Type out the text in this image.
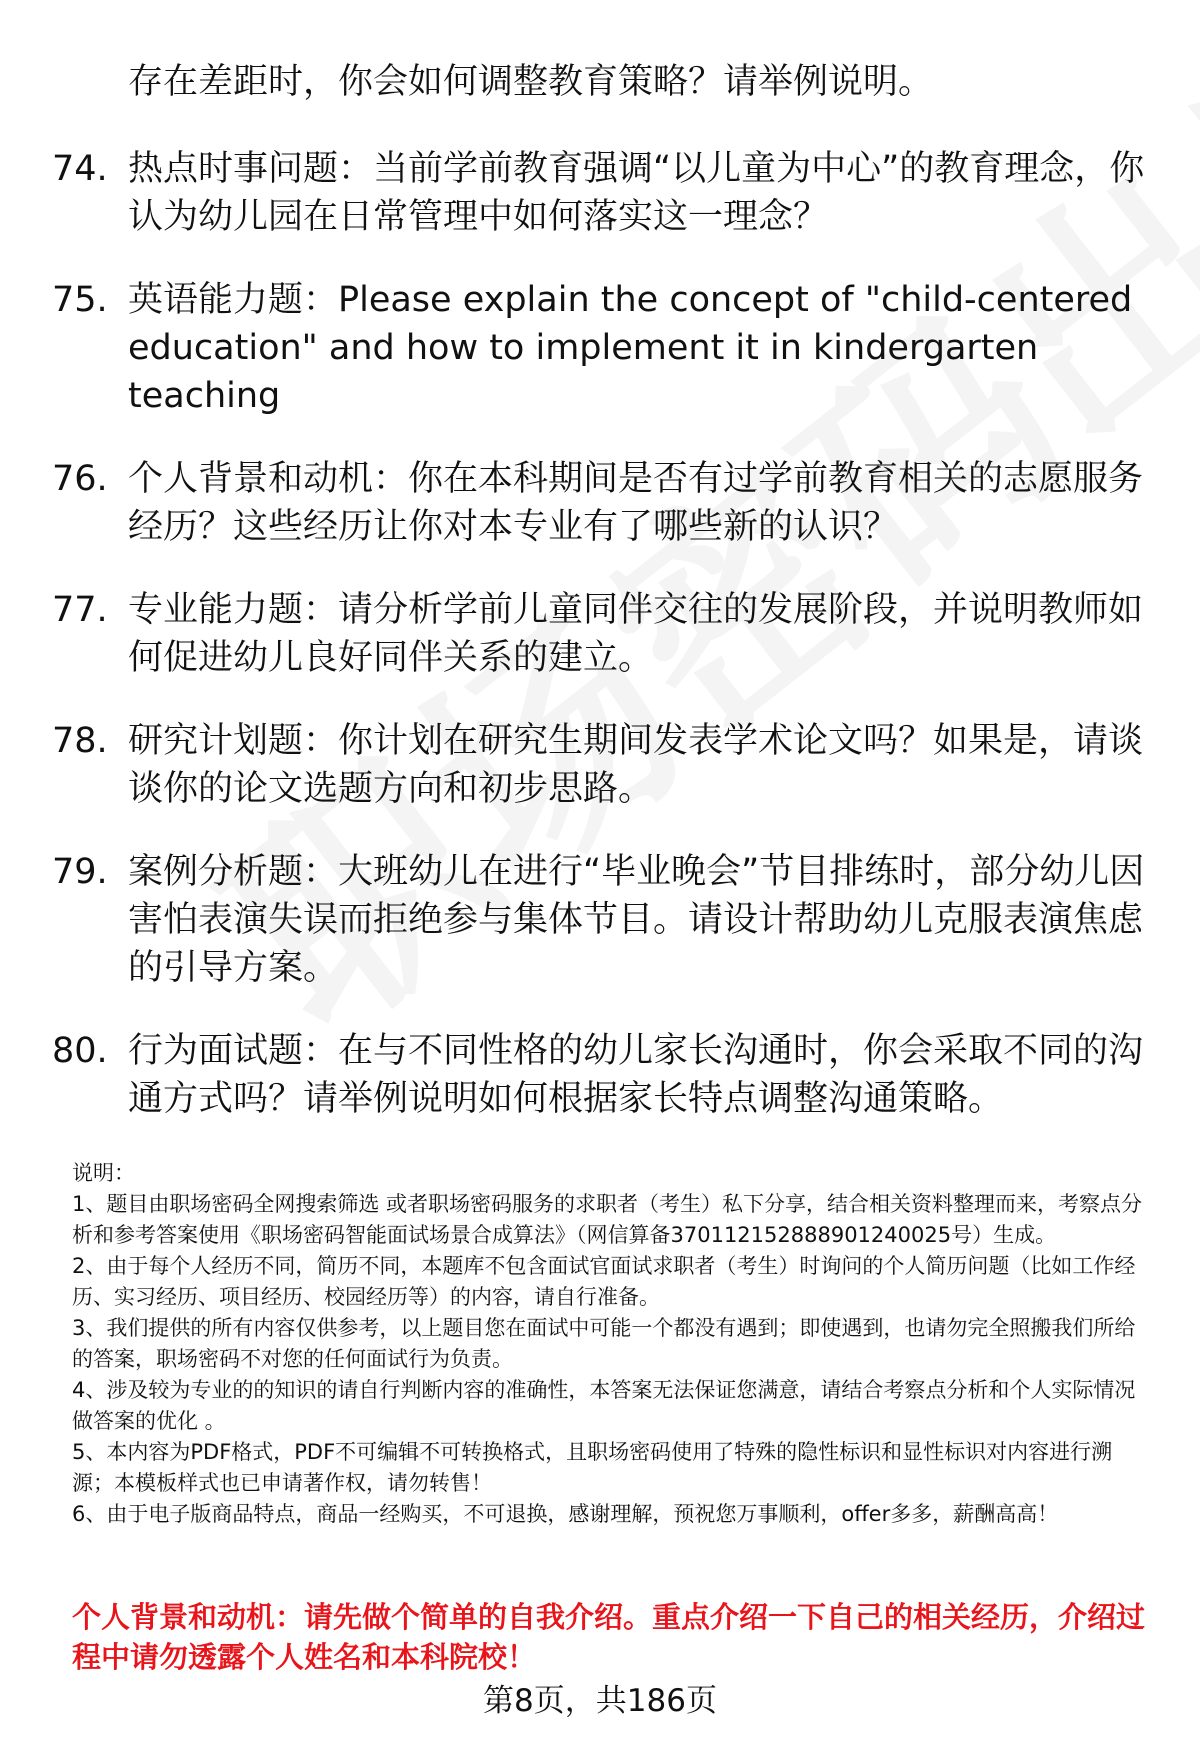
存在差距时，你会如何调整教育策略？请举例说明。
74. 热点时事问题：当前学前教育强调“以儿童为中心”的教育理念，你认为幼儿园在日常管理中如何落实这一理念？
75. 英语能力题：Please explain the concept of "child-centered education" and how to implement it in kindergarten teaching
76. 个人背景和动机：你在本科期间是否有过学前教育相关的志愿服务经历？这些经历让你对本专业有了哪些新的认识？
77. 专业能力题：请分析学前儿童同伴交往的发展阶段，并说明教师如何促进幼儿良好同伴关系的建立。
78. 研究计划题：你计划在研究生期间发表学术论文吗？如果是，请谈谈你的论文选题方向和初步思路。
79. 案例分析题：大班幼儿在进行“毕业晚会”节目排练时，部分幼儿因害怕表演失误而拒绝参与集体节目。请设计帮助幼儿克服表演焦虑的引导方案。
80. 行为面试题：在与不同性格的幼儿家长沟通时，你会采取不同的沟通方式吗？请举例说明如何根据家长特点调整沟通策略。

说明：

1、题目由职场密码全网搜索筛选 或者职场密码服务的求职者（考生）私下分享，结合相关资料整理而来，考察点分析和参考答案使用《职场密码智能面试场景合成算法》（网信算备370112152888901240025号）生成。

2、由于每个人经历不同，简历不同，本题库不包含面试官面试求职者（考生）时询问的个人简历问题（比如工作经历、实习经历、项目经历、校园经历等）的内容，请自行准备。

3、我们提供的所有内容仅供参考，以上题目您在面试中可能一个都没有遇到；即使遇到，也请勿完全照搬我们所给的答案，职场密码不对您的任何面试行为负责。

4、涉及较为专业的的知识的请自行判断内容的准确性，本答案无法保证您满意，请结合考察点分析和个人实际情况做答案的优化 。

5、本内容为PDF格式，PDF不可编辑不可转换格式，且职场密码使用了特殊的隐性标识和显性标识对内容进行溯源；本模板样式也已申请著作权，请勿转售！

6、由于电子版商品特点，商品一经购买，不可退换，感谢理解，预祝您万事顺利，offer多多，薪酬高高！

个人背景和动机：请先做个简单的自我介绍。重点介绍一下自己的相关经历，介绍过程中请勿透露个人姓名和本科院校！
第8页，共186页
